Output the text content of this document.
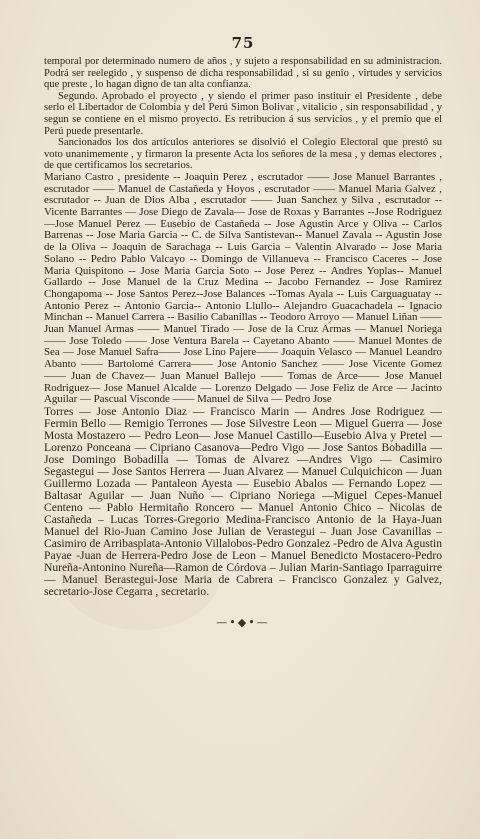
75

temporal por determinado numero de años , y sujeto a responsabilidad en su administracion. Podrá ser reelegido , y suspenso de dicha responsabilidad , si su genio , virtudes y servicios que preste , lo hagan digno de tan alta confianza.

Segundo. Aprobado el proyecto , y siendo el primer paso instituir el Presidente , debe serlo el Libertador de Colombia y del Perú Simon Bolivar , vitalicio , sin responsabilidad , y segun se contiene en el mismo proyecto. Es retribucion á sus servicios , y el premio que el Perú puede presentarle.

Sancionados los dos artículos anteriores se disolvió el Colegio Electoral que prestó su voto unanimemente , y firmaron la presente Acta los señores de la mesa , y demas electores , de que certificamos los secretarios.

Mariano Castro , presidente -- Joaquin Perez , escrutador —— Jose Manuel Barrantes , escrutador —— Manuel de Castañeda y Hoyos , escrutador —— Manuel Maria Galvez , escrutador -- Juan de Dios Alba , escrutador —— Juan Sanchez y Silva , escrutador -- Vicente Barrantes — Jose Diego de Zavala— Jose de Roxas y Barrantes --Jose Rodriguez —Jose Manuel Perez — Eusebio de Castañeda -- Jose Agustin Arce y Oliva -- Carlos Barrenas -- Jose Maria Garcia -- C. de Silva Santistevan-- Manuel Zavala -- Agustin Jose de la Oliva -- Joaquin de Sarachaga -- Luis Garcia – Valentin Alvarado -- Jose Maria Solano -- Pedro Pablo Valcayo -- Domingo de Villanueva -- Francisco Caceres -- Jose Maria Quispitono -- Jose Maria Garcia Soto -- Jose Perez -- Andres Yoplas-- Manuel Gallardo -- Jose Manuel de la Cruz Medina -- Jacobo Fernandez -- Jose Ramirez Chongapoma -- Jose Santos Perez--Jose Balances --Tomas Ayala -- Luis Carguaguatay -- Antonio Perez -- Antonio Garcia-- Antonio Llullo-- Alejandro Guacachadela -- Ignacio Minchan -- Manuel Carrera -- Basilio Cabanillas -- Teodoro Arroyo — Manuel Liñan —— Juan Manuel Armas —— Manuel Tirado — Jose de la Cruz Armas — Manuel Noriega —— Jose Toledo —— Jose Ventura Barela -- Cayetano Abanto —— Manuel Montes de Sea — Jose Manuel Safra—— Jose Lino Pajere—— Joaquin Velasco — Manuel Leandro Abanto —— Bartolomé Carrera—— Jose Antonio Sanchez —— Jose Vicente Gomez —— Juan de Chavez— Juan Manuel Ballejo —— Tomas de Arce—— Jose Manuel Rodriguez— Jose Manuel Alcalde — Lorenzo Delgado — Jose Feliz de Arce — Jacinto Aguilar — Pascual Visconde —— Manuel de Silva — Pedro Jose

Torres — Jose Antonio Diaz — Francisco Marin — Andres Jose Rodriguez — Fermin Bello — Remigio Terrones — Jose Silvestre Leon — Miguel Guerra — Jose Mosta Mostazero — Pedro Leon— Jose Manuel Castillo—Eusebio Alva y Pretel — Lorenzo Ponceana — Cipriano Casanova—Pedro Vigo — Jose Santos Bobadilla — Jose Domingo Bobadilla — Tomas de Alvarez —Andres Vigo — Casimiro Segastegui — Jose Santos Herrera — Juan Alvarez — Manuel Culquichicon — Juan Guillermo Lozada — Pantaleon Ayesta — Eusebio Abalos — Fernando Lopez — Baltasar Aguilar — Juan Nuño — Cipriano Noriega —Miguel Cepes-Manuel Centeno — Pablo Hermitaño Roncero — Manuel Antonio Chico – Nicolas de Castañeda – Lucas Torres-Gregorio Medina-Francisco Antonio de la Haya-Juan Manuel del Rio-Juan Camino Jose Julian de Verastegui – Juan Jose Cavanillas – Casimiro de Arribasplata-Antonio Villalobos-Pedro Gonzalez -Pedro de Alva Agustin Payae -Juan de Herrera-Pedro Jose de Leon – Manuel Benedicto Mostacero-Pedro Nureña-Antonino Nureña—Ramon de Córdova – Julian Marin-Santiago Iparraguirre— Manuel Berastegui-Jose Maria de Cabrera – Francisco Gonzalez y Galvez, secretario-Jose Cegarra , secretario.

—•◆•—
